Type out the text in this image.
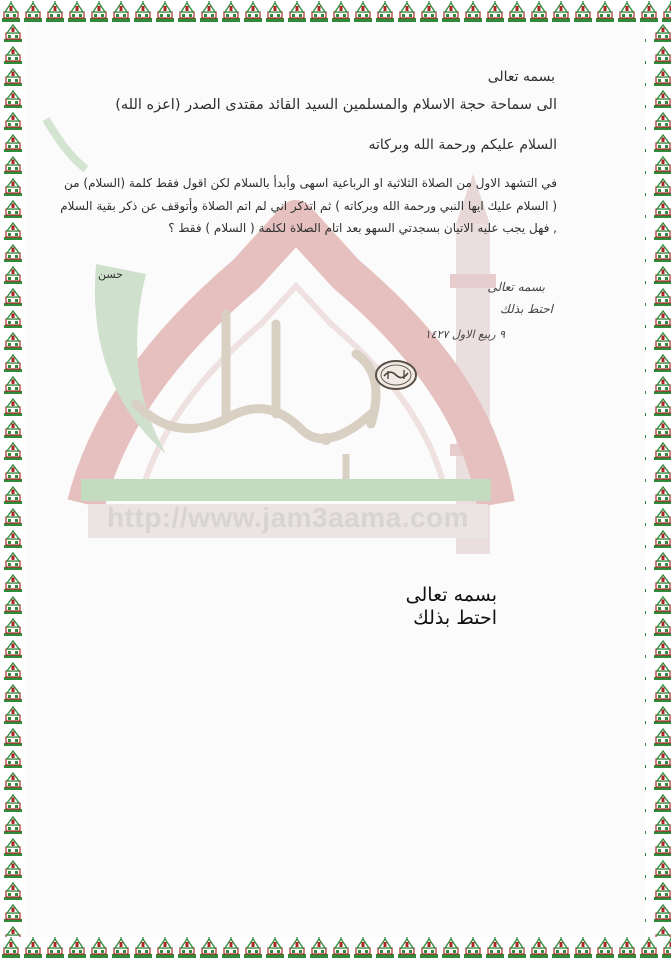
http://www.jam3aama.com
بسمه تعالى
الى سماحة حجة الاسلام والمسلمين السيد القائد مقتدى الصدر (اعزه الله)
السلام عليكم ورحمة الله وبركاته
في التشهد الاول من الصلاة الثلاثية او الرباعية اسهى وأبدأ بالسلام لكن اقول فقط كلمة (السلام) من ( السلام عليك ايها النبي ورحمة الله وبركاته ) ثم اتذكر اني لم اتم الصلاة وأتوقف عن ذكر بقية السلام , فهل يجب عليه الاتيان بسجدتي السهو بعد اتام الصلاة لكلمة ( السلام ) فقط ؟
حسن
بسمه تعالى
احتط بذلك
٩ ربيع الاول ١٤٢٧
بسمه تعالى
احتط بذلك
